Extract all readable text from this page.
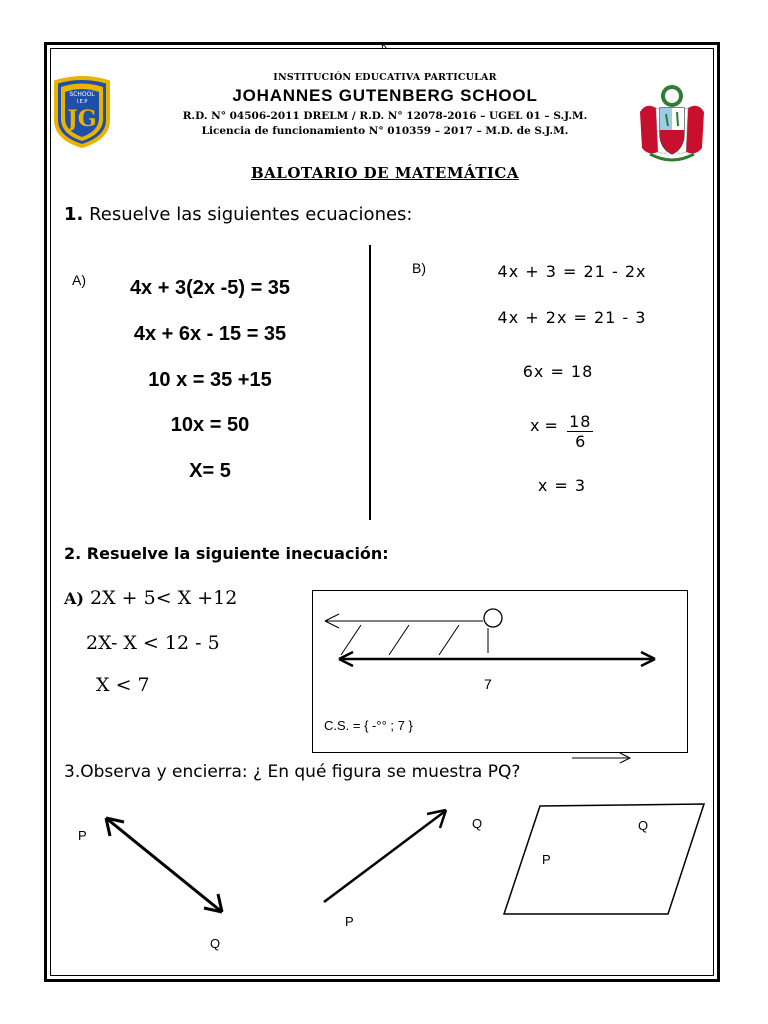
к
JG
SCHOOL
I.E.P
INSTITUCIÓN EDUCATIVA PARTICULAR
JOHANNES GUTENBERG SCHOOL
R.D. N° 04506-2011 DRELM / R.D. N° 12078-2016 – UGEL 01 – S.J.M.
Licencia de funcionamiento N° 010359 – 2017 – M.D. de S.J.M.
BALOTARIO DE MATEMÁTICA
1. Resuelve las siguientes ecuaciones:
A)	4x + 3(2x -5) = 35
4x + 6x - 15 = 35
10 x = 35 +15
10x = 50
X= 5
B)	4x + 3 = 21 - 2x
4x + 2x = 21 - 3
6x = 18
$x = \frac{18}{6}$
x = 3
2. Resuelve la siguiente inecuación:
A) 2X + 5< X +12
2X- X < 12 - 5
X < 7	7
C.S. = { -°° ; 7 }
3.Observa y encierra: ¿ En qué figura se muestra PQ?
P
Q
Q
P
Q
P
